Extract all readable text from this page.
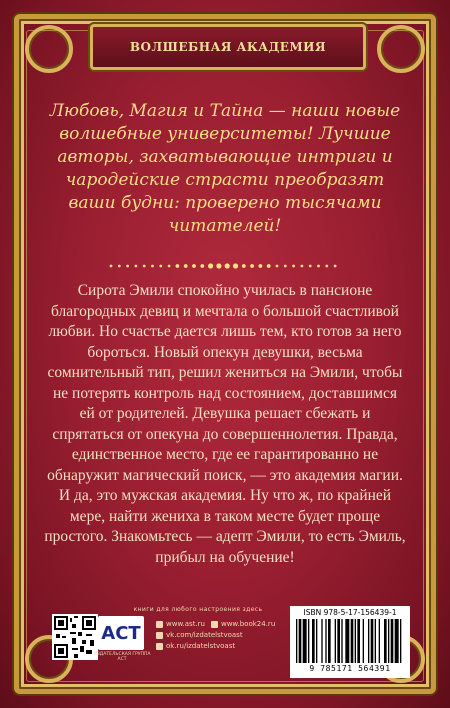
ВОЛШЕБНАЯ АКАДЕМИЯ
Любовь, Магия и Тайна — наши новые волшебные университеты! Лучшие авторы, захватывающие интриги и чародейские страсти преобразят ваши будни: проверено тысячами читателей!
Сирота Эмили спокойно училась в пансионе благородных девиц и мечтала о большой счастливой любви. Но счастье дается лишь тем, кто готов за него бороться. Новый опекун девушки, весьма сомнительный тип, решил жениться на Эмили, чтобы не потерять контроль над состоянием, доставшимся ей от родителей. Девушка решает сбежать и спрятаться от опекуна до совершеннолетия. Правда, единственное место, где ее гарантированно не обнаружит магический поиск, — это академия магии. И да, это мужская академия. Ну что ж, по крайней мере, найти жениха в таком месте будет проще простого. Знакомьтесь — адепт Эмили, то есть Эмиль, прибыл на обучение!
книги для любого настроения здесь
АСТ
ИЗДАТЕЛЬСКАЯ ГРУППА АСТ
www.ast.ru www.book24.ru
vk.com/izdatelstvoast
ok.ru/izdatelstvoast
ISBN 978-5-17-156439-1
9 785171 564391
